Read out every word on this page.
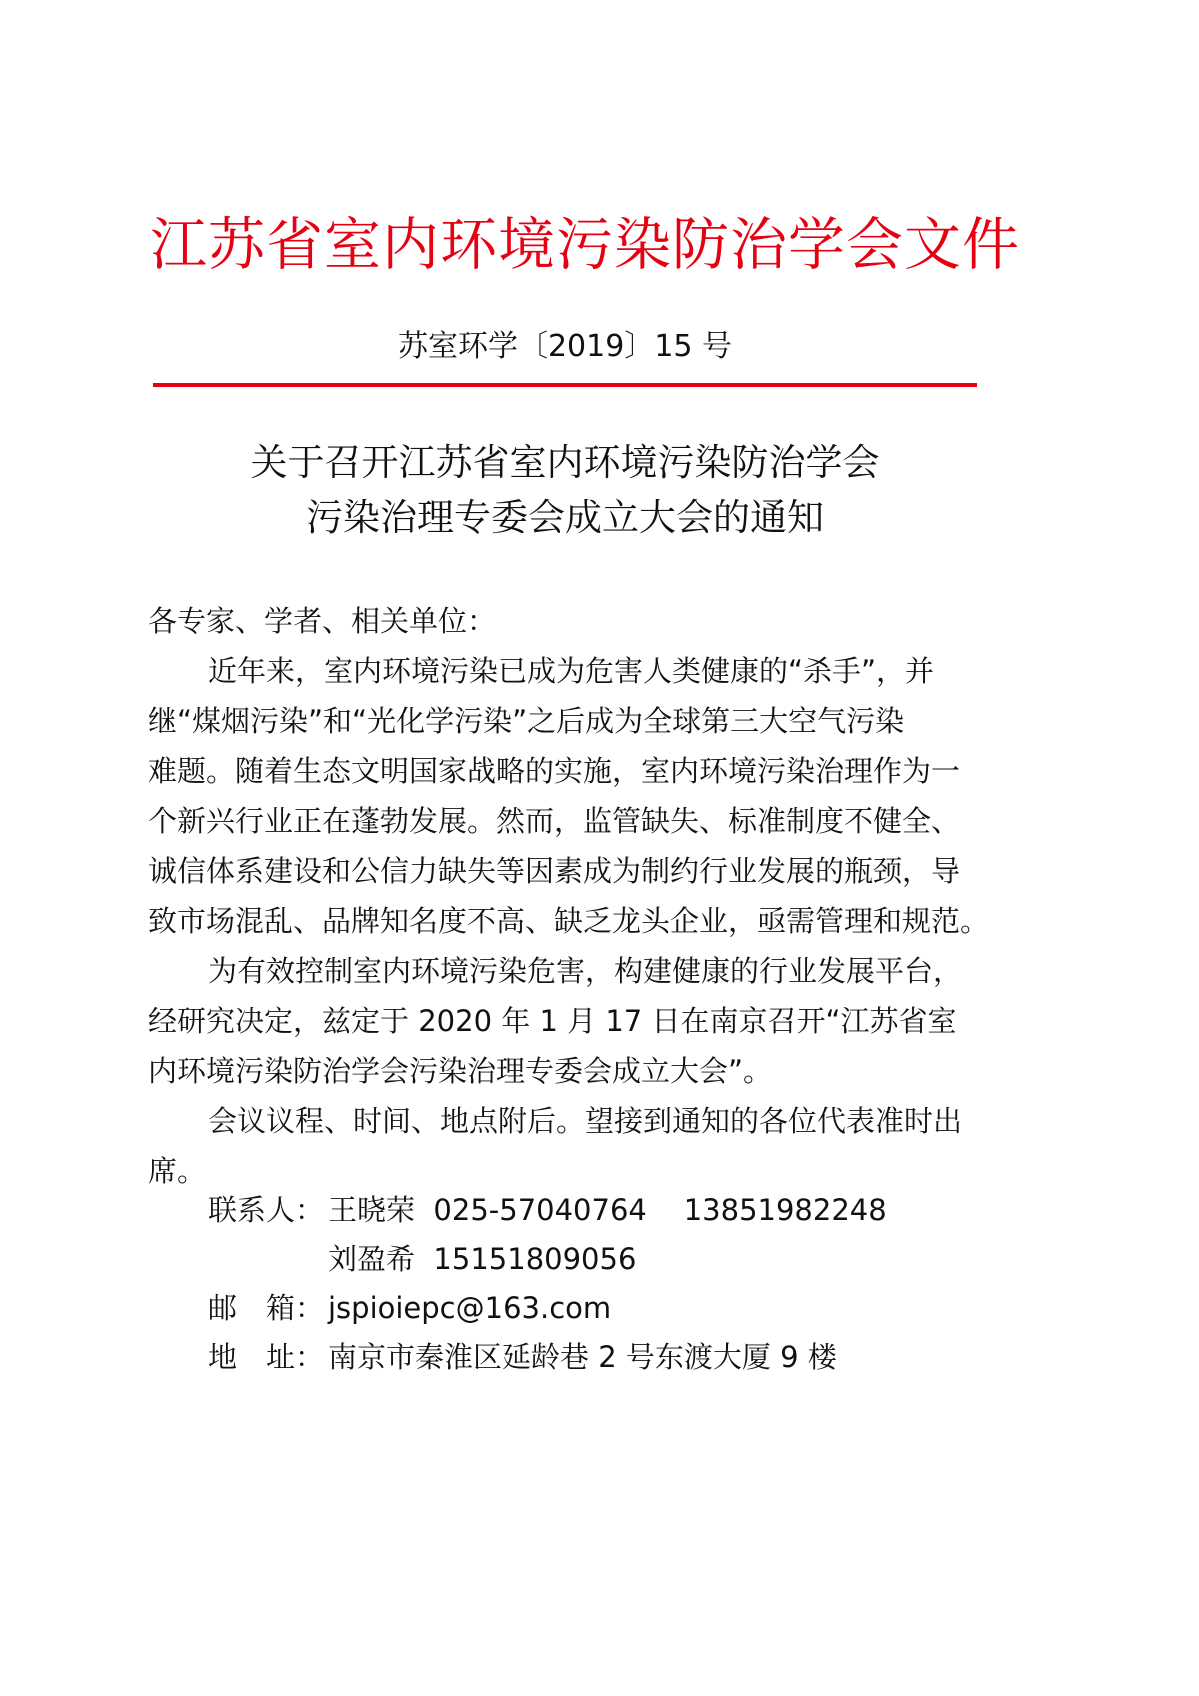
江苏省室内环境污染防治学会文件
苏室环学〔2019〕15 号
关于召开江苏省室内环境污染防治学会
污染治理专委会成立大会的通知
各专家、学者、相关单位：
近年来，室内环境污染已成为危害人类健康的“杀手”，并
继“煤烟污染”和“光化学污染”之后成为全球第三大空气污染
难题。随着生态文明国家战略的实施，室内环境污染治理作为一
个新兴行业正在蓬勃发展。然而，监管缺失、标准制度不健全、
诚信体系建设和公信力缺失等因素成为制约行业发展的瓶颈，导
致市场混乱、品牌知名度不高、缺乏龙头企业，亟需管理和规范。
为有效控制室内环境污染危害，构建健康的行业发展平台，
经研究决定，兹定于 2020 年 1 月 17 日在南京召开“江苏省室
内环境污染防治学会污染治理专委会成立大会”。
会议议程、时间、地点附后。望接到通知的各位代表准时出
席。
联系人： 王晓荣  025-57040764    13851982248
刘盈希  15151809056
邮　箱： jspioiepc@163.com
地　址： 南京市秦淮区延龄巷 2 号东渡大厦 9 楼
